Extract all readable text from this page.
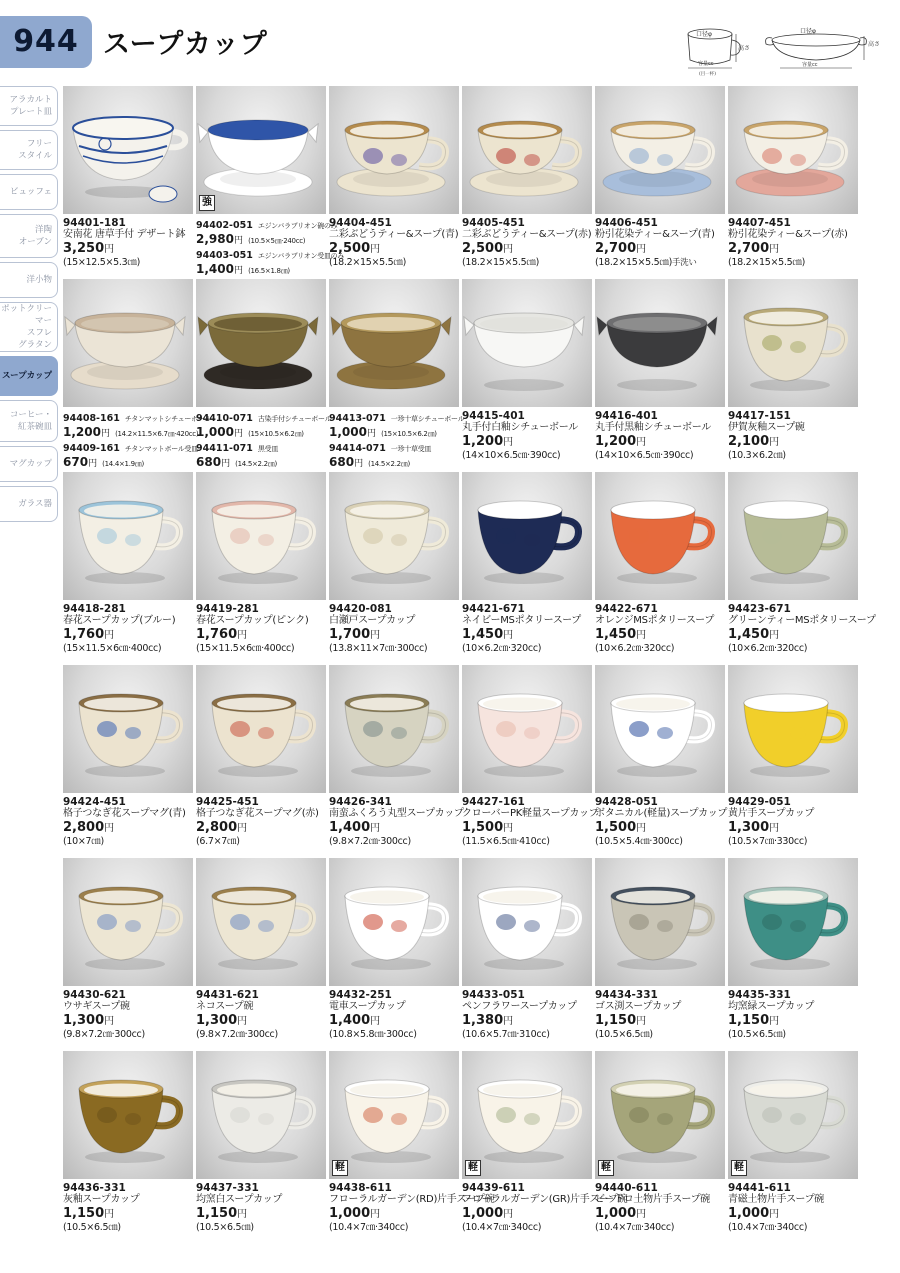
944 スープカップ	口径φ
容量cc
(目一杯)
高さ
口径φ
容量cc
高さ
アラカルト
プレート皿
フリー
スタイル
ビュッフェ
洋陶
オーブン
洋小物
ポットクリーマー
スフレ
グラタン
スープカップ
コーヒー・
紅茶碗皿
マグカップ
ガラス器
94401-181
安南花 唐草手付 デザート鉢
3,250円
(15×12.5×5.3㎝)
強
94402-051 エジンバラブリオン碗のみ
2,980円 (10.5×5㎝·240cc)
94403-051 エジンバラブリオン受皿のみ
1,400円 (16.5×1.8㎝)
94404-451
二彩ぶどうティー&スープ(青)
2,500円
(18.2×15×5.5㎝)
94405-451
二彩ぶどうティー&スープ(赤)
2,500円
(18.2×15×5.5㎝)
94406-451
粉引花染ティー&スープ(青)
2,700円
(18.2×15×5.5㎝)手洗い
94407-451
粉引花染ティー&スープ(赤)
2,700円
(18.2×15×5.5㎝)
94408-161 チタンマットシチューボール
1,200円 (14.2×11.5×6.7㎝·420cc)
94409-161 チタンマットボール受皿
670円 (14.4×1.9㎝)
94410-071 古染手付シチューボール
1,000円 (15×10.5×6.2㎝)
94411-071 黒受皿
680円 (14.5×2.2㎝)
94413-071 一珍十草シチューボール
1,000円 (15×10.5×6.2㎝)
94414-071 一珍十草受皿
680円 (14.5×2.2㎝)
94415-401
丸手付白釉シチューボール
1,200円
(14×10×6.5㎝·390cc)
94416-401
丸手付黒釉シチューボール
1,200円
(14×10×6.5㎝·390cc)
94417-151
伊賀灰釉スープ碗
2,100円
(10.3×6.2㎝)
94418-281
春花スープカップ(ブルー)
1,760円
(15×11.5×6㎝·400cc)
94419-281
春花スープカップ(ピンク)
1,760円
(15×11.5×6㎝·400cc)
94420-081
白瀬戸スープカップ
1,700円
(13.8×11×7㎝·300cc)
94421-671
ネイビーMSポタリースープ
1,450円
(10×6.2㎝·320cc)
94422-671
オレンジMSポタリースープ
1,450円
(10×6.2㎝·320cc)
94423-671
グリーンティーMSポタリースープ
1,450円
(10×6.2㎝·320cc)
94424-451
格子つなぎ花スープマグ(青)
2,800円
(10×7㎝)
94425-451
格子つなぎ花スープマグ(赤)
2,800円
(6.7×7㎝)
94426-341
南蛮ふくろう丸型スープカップ
1,400円
(9.8×7.2㎝·300cc)
94427-161
クローバーPK軽量スープカップ
1,500円
(11.5×6.5㎝·410cc)
94428-051
ボタニカル(軽量)スープカップ
1,500円
(10.5×5.4㎝·300cc)
94429-051
黄片手スープカップ
1,300円
(10.5×7㎝·330cc)
94430-621
ウサギスープ碗
1,300円
(9.8×7.2㎝·300cc)
94431-621
ネコスープ碗
1,300円
(9.8×7.2㎝·300cc)
94432-251
電車スープカップ
1,400円
(10.8×5.8㎝·300cc)
94433-051
ペンフラワースープカップ
1,380円
(10.6×5.7㎝·310cc)
94434-331
ゴス渕スープカップ
1,150円
(10.5×6.5㎝)
94435-331
均窯緑スープカップ
1,150円
(10.5×6.5㎝)
94436-331
灰釉スープカップ
1,150円
(10.5×6.5㎝)
94437-331
均窯白スープカップ
1,150円
(10.5×6.5㎝)
軽
94438-611
フローラルガーデン(RD)片手スープ碗
1,000円
(10.4×7㎝·340cc)
軽
94439-611
フローラルガーデン(GR)片手スープ碗
1,000円
(10.4×7㎝·340cc)
軽
94440-611
ビードロ土物片手スープ碗
1,000円
(10.4×7㎝·340cc)
軽
94441-611
青磁土物片手スープ碗
1,000円
(10.4×7㎝·340cc)
